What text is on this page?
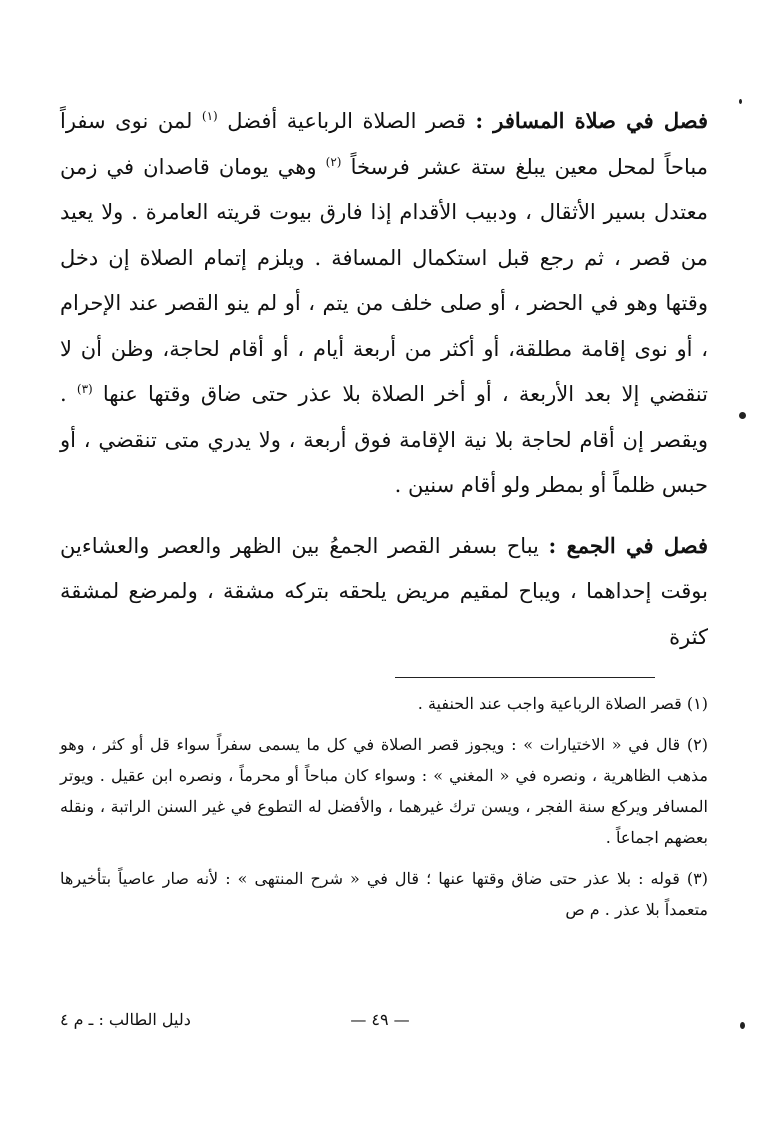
فصل في صلاة المسافر : قصر الصلاة الرباعية أفضل $^{(١)}$ لمن نوى سفراً مباحاً لمحل معين يبلغ ستة عشر فرسخاً $^{(٢)}$ وهي يومان قاصدان في زمن معتدل بسير الأثقال ، ودبيب الأقدام إذا فارق بيوت قريته العامرة . ولا يعيد من قصر ، ثم رجع قبل استكمال المسافة . ويلزم إتمام الصلاة إن دخل وقتها وهو في الحضر ، أو صلى خلف من يتم ، أو لم ينو القصر عند الإحرام ، أو نوى إقامة مطلقة، أو أكثر من أربعة أيام ، أو أقام لحاجة، وظن أن لا تنقضي إلا بعد الأربعة ، أو أخر الصلاة بلا عذر حتى ضاق وقتها عنها $^{(٣)}$ . ويقصر إن أقام لحاجة بلا نية الإقامة فوق أربعة ، ولا يدري متى تنقضي ، أو حبس ظلماً أو بمطر ولو أقام سنين .

فصل في الجمع : يباح بسفر القصر الجمعُ بين الظهر والعصر والعشاءين بوقت إحداهما ، ويباح لمقيم مريض يلحقه بتركه مشقة ، ولمرضع لمشقة كثرة

(١) قصر الصلاة الرباعية واجب عند الحنفية .

(٢) قال في « الاختيارات » : ويجوز قصر الصلاة في كل ما يسمى سفراً سواء قل أو كثر ، وهو مذهب الظاهرية ، ونصره في « المغني » : وسواء كان مباحاً أو محرماً ، ونصره ابن عقيل . ويوتر المسافر ويركع سنة الفجر ، ويسن ترك غيرهما ، والأفضل له التطوع في غير السنن الراتبة ، ونقله بعضهم اجماعاً .

(٣) قوله : بلا عذر حتى ضاق وقتها عنها ؛ قال في « شرح المنتهى » : لأنه صار عاصياً بتأخيرها متعمداً بلا عذر . م ص

— ٤٩ —
دليل الطالب : ـ م ٤
